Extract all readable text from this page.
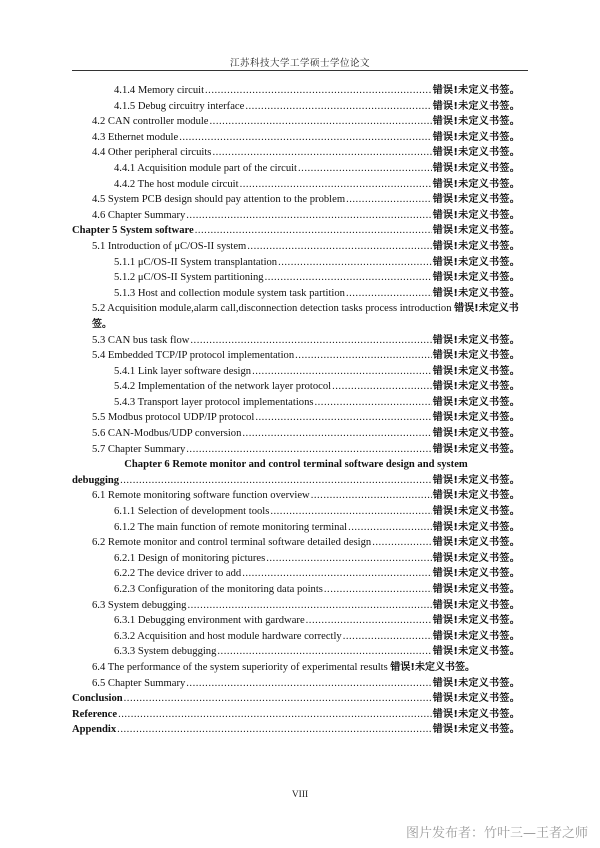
江苏科技大学工学硕士学位论文
4.1.4 Memory circuit .....	错误!未定义书签。
4.1.5 Debug circuitry interface .....	错误!未定义书签。
4.2 CAN controller module .....	错误!未定义书签。
4.3 Ethernet module .....	错误!未定义书签。
4.4 Other peripheral circuits .....	错误!未定义书签。
4.4.1 Acquisition module part of the circuit .....	错误!未定义书签。
4.4.2 The host module circuit .....	错误!未定义书签。
4.5 System PCB design should pay attention to the problem .....	错误!未定义书签。
4.6 Chapter Summary .....	错误!未定义书签。
Chapter 5 System software .....	错误!未定义书签。
5.1 Introduction of μC/OS-II system .....	错误!未定义书签。
5.1.1 μC/OS-II System transplantation .....	错误!未定义书签。
5.1.2 μC/OS-II System partitioning .....	错误!未定义书签。
5.1.3 Host and collection module system task partition .....	错误!未定义书签。
5.2 Acquisition module,alarm call,disconnection detection tasks process introduction 错误!未定义书签。
5.3 CAN bus task flow .....	错误!未定义书签。
5.4 Embedded TCP/IP protocol implementation .....	错误!未定义书签。
5.4.1 Link layer software design .....	错误!未定义书签。
5.4.2 Implementation of the network layer protocol .....	错误!未定义书签。
5.4.3 Transport layer protocol implementations .....	错误!未定义书签。
5.5 Modbus protocol UDP/IP protocol .....	错误!未定义书签。
5.6 CAN-Modbus/UDP conversion .....	错误!未定义书签。
5.7 Chapter Summary .....	错误!未定义书签。
Chapter 6 Remote monitor and control terminal software design and system
debugging .....	错误!未定义书签。
6.1 Remote monitoring software function overview .....	错误!未定义书签。
6.1.1 Selection of development tools .....	错误!未定义书签。
6.1.2 The main function of remote monitoring terminal .....	错误!未定义书签。
6.2 Remote monitor and control terminal software detailed design .....	错误!未定义书签。
6.2.1 Design of monitoring pictures .....	错误!未定义书签。
6.2.2 The device driver to add .....	错误!未定义书签。
6.2.3 Configuration of the monitoring data points .....	错误!未定义书签。
6.3 System debugging .....	错误!未定义书签。
6.3.1 Debugging environment with gardware .....	错误!未定义书签。
6.3.2 Acquisition and host module hardware correctly .....	错误!未定义书签。
6.3.3 System debugging .....	错误!未定义书签。
6.4 The performance of the system superiority of experimental results 错误!未定义书签。
6.5 Chapter Summary .....	错误!未定义书签。
Conclusion .....	错误!未定义书签。
Reference .....	错误!未定义书签。
Appendix .....	错误!未定义书签。
VIII
图片发布者：竹叶三—王者之师
